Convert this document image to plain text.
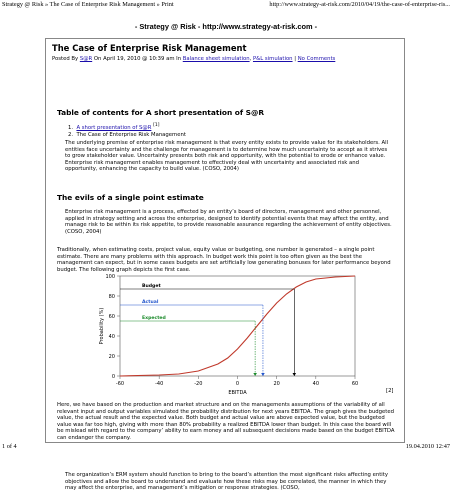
Strategy @ Risk » The Case of Enterprise Risk Management » Print	http://www.strategy-at-risk.com/2010/04/19/the-case-of-enterprise-ris...
- Strategy @ Risk - http://www.strategy-at-risk.com -
The Case of Enterprise Risk Management
Posted By S@R On April 19, 2010 @ 10:39 am In Balance sheet simulation, P&L simulation | No Comments
Table of contents for A short presentation of S@R
1. A short presentation of S@R [1]
2. The Case of Enterprise Risk Management
The underlying premise of enterprise risk management is that every entity exists to provide value for its stakeholders. All entities face uncertainty and the challenge for management is to determine how much uncertainty to accept as it strives to grow stakeholder value. Uncertainty presents both risk and opportunity, with the potential to erode or enhance value. Enterprise risk management enables management to effectively deal with uncertainty and associated risk and opportunity, enhancing the capacity to build value. (COSO, 2004)
The evils of a single point estimate
Enterprise risk management is a process, effected by an entity’s board of directors, management and other personnel, applied in strategy setting and across the enterprise, designed to identify potential events that may affect the entity, and manage risk to be within its risk appetite, to provide reasonable assurance regarding the achievement of entity objectives. (COSO, 2004)
Traditionally, when estimating costs, project value, equity value or budgeting, one number is generated – a single point estimate. There are many problems with this approach. In budget work this point is too often given as the best the management can expect, but in some cases budgets are set artificially low generating bonuses for later performance beyond budget. The following graph depicts the first case.
0
20
40
60
80
100
-60	-40	-20	0	20	40	60
EBITDA
Probability (%)
Budget
Actual
Expected
[2]
Here, we have based on the production and market structure and on the managements assumptions of the variability of all relevant input and output variables simulated the probability distribution for next years EBITDA. The graph gives the budgeted value, the actual result and the expected value. Both budget and actual value are above expected value, but the budgeted value was far too high, giving with more than 80% probability a realized EBITDA lower than budget. In this case the board will be mislead with regard to the company’ ability to earn money and all subsequent decisions made based on the budget EBITDA can endanger the company.
The organization’s ERM system should function to bring to the board’s attention the most significant risks affecting entity objectives and allow the board to understand and evaluate how these risks may be correlated, the manner in which they may affect the enterprise, and management’s mitigation or response strategies. (COSO,
1 of 4	19.04.2010 12:47
